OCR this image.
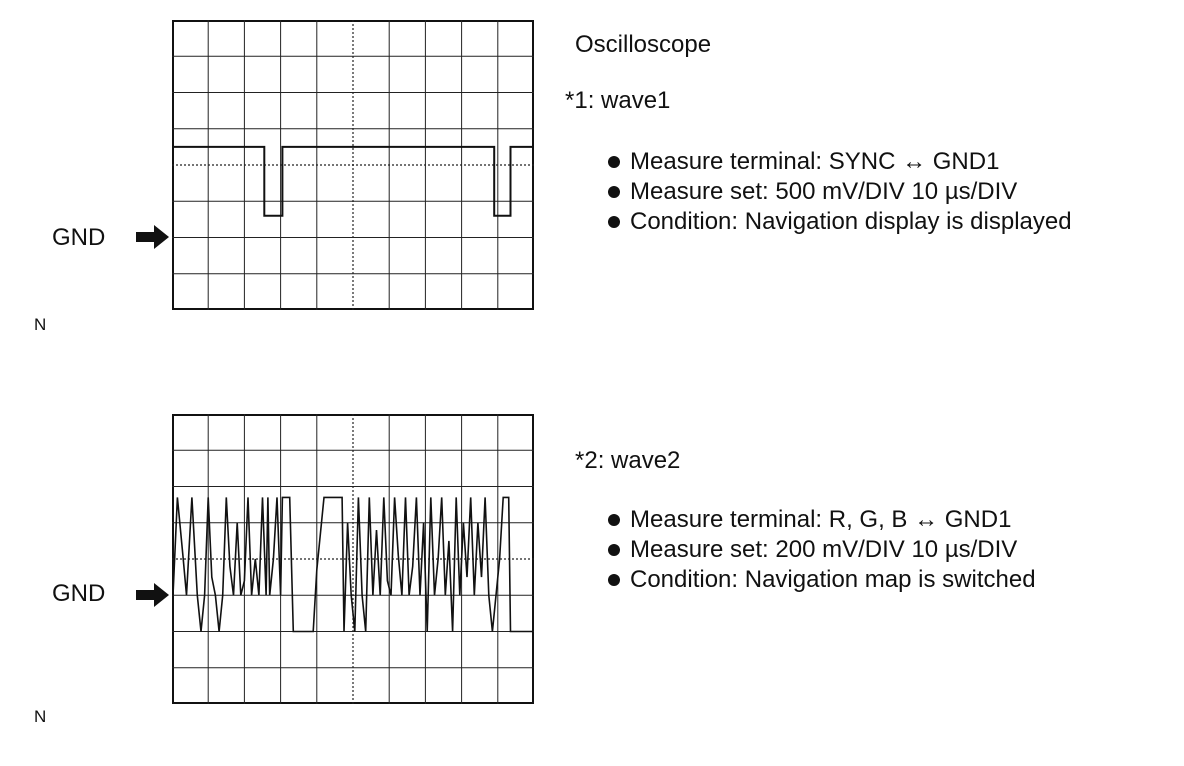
GND
N
Oscilloscope
*1: wave1
Measure terminal: SYNC ↔ GND1
Measure set: 500 mV/DIV 10 µs/DIV
Condition: Navigation display is displayed
GND
N
*2: wave2
Measure terminal: R, G, B ↔ GND1
Measure set: 200 mV/DIV 10 µs/DIV
Condition: Navigation map is switched
